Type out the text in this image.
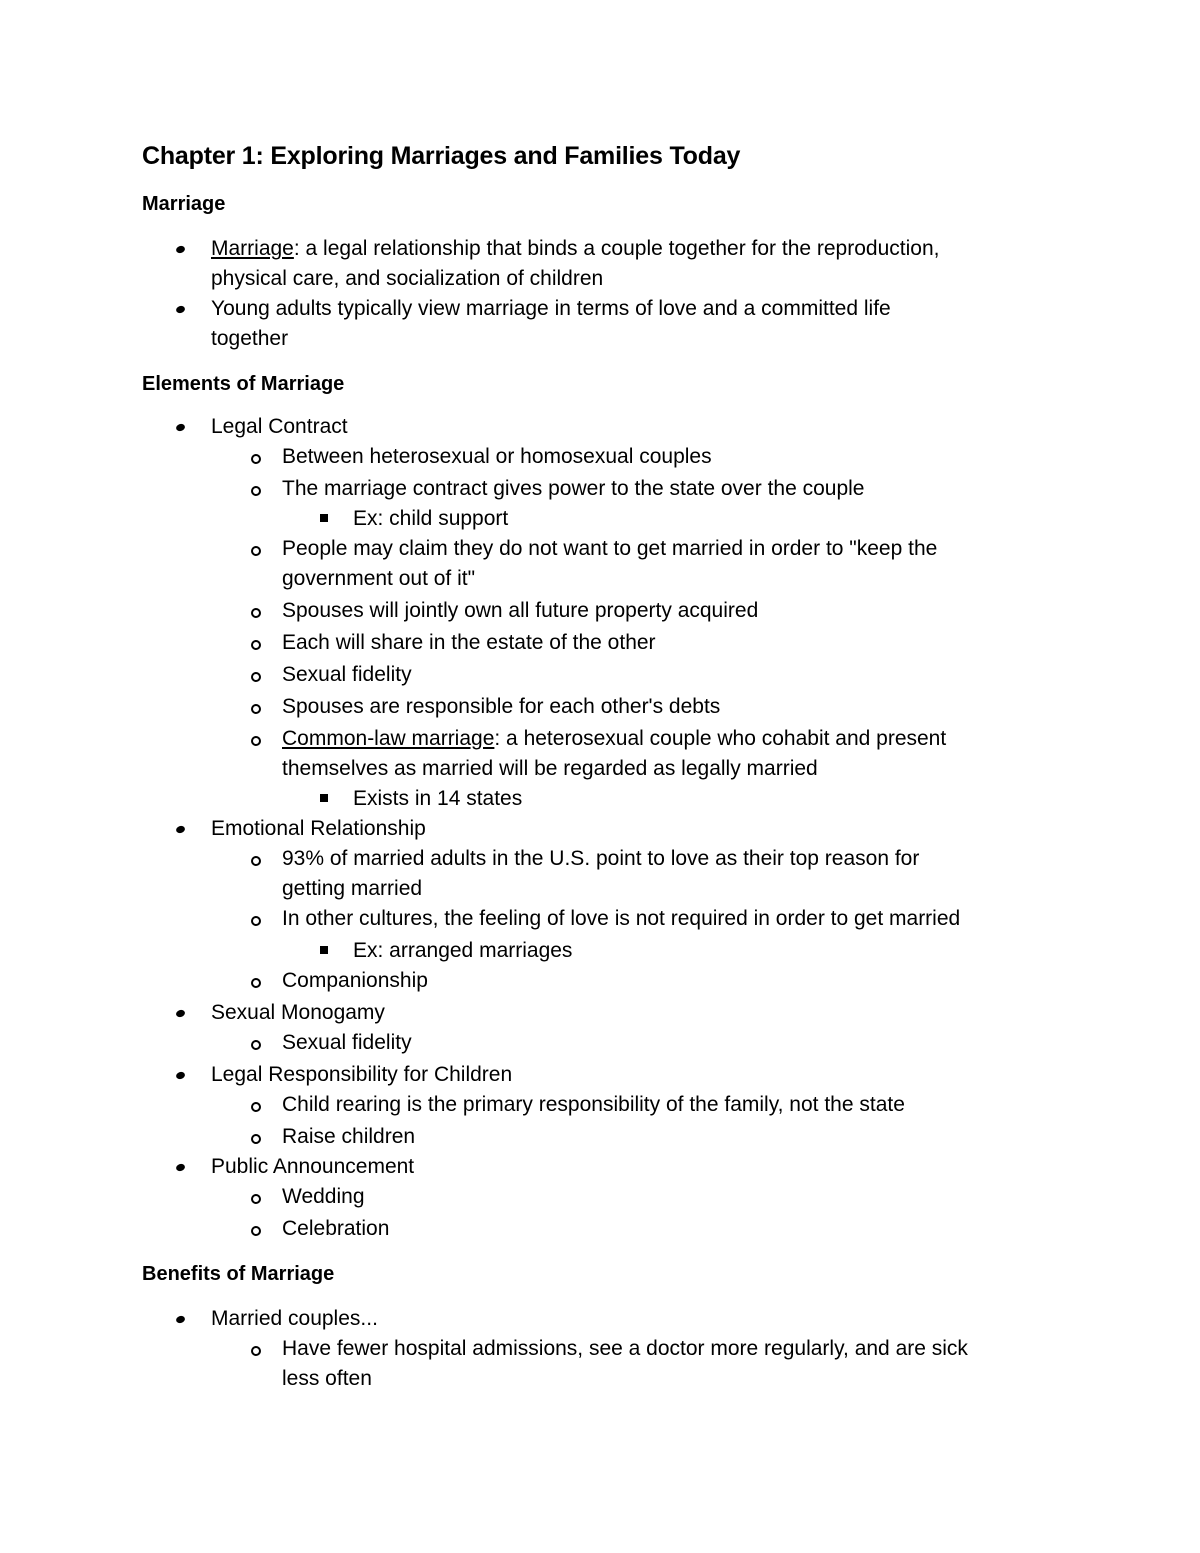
Chapter 1: Exploring Marriages and Families Today
Marriage
Marriage: a legal relationship that binds a couple together for the reproduction,
physical care, and socialization of children
Young adults typically view marriage in terms of love and a committed life
together
Elements of Marriage
Legal Contract
Between heterosexual or homosexual couples
The marriage contract gives power to the state over the couple
Ex: child support
People may claim they do not want to get married in order to "keep the
government out of it"
Spouses will jointly own all future property acquired
Each will share in the estate of the other
Sexual fidelity
Spouses are responsible for each other's debts
Common-law marriage: a heterosexual couple who cohabit and present
themselves as married will be regarded as legally married
Exists in 14 states
Emotional Relationship
93% of married adults in the U.S. point to love as their top reason for
getting married
In other cultures, the feeling of love is not required in order to get married
Ex: arranged marriages
Companionship
Sexual Monogamy
Sexual fidelity
Legal Responsibility for Children
Child rearing is the primary responsibility of the family, not the state
Raise children
Public Announcement
Wedding
Celebration
Benefits of Marriage
Married couples...
Have fewer hospital admissions, see a doctor more regularly, and are sick
less often
